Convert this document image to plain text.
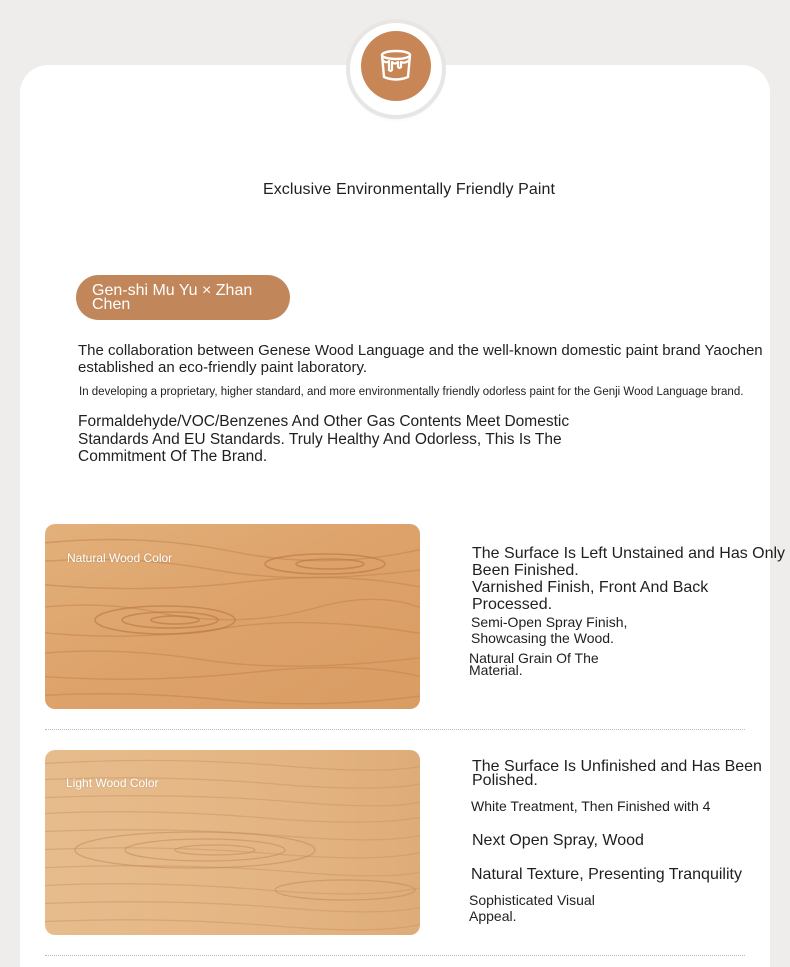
Exclusive Environmentally Friendly Paint
Gen-shi Mu Yu × Zhan
Chen
The collaboration between Genese Wood Language and the well-known domestic paint brand Yaochen
established an eco-friendly paint laboratory.
In developing a proprietary, higher standard, and more environmentally friendly odorless paint for the Genji Wood Language brand.
Formaldehyde/VOC/Benzenes And Other Gas Contents Meet Domestic
Standards And EU Standards. Truly Healthy And Odorless, This Is The
Commitment Of The Brand.
Natural Wood Color	The Surface Is Left Unstained and Has Only
Been Finished.
Varnished Finish, Front And Back
Processed.
Semi-Open Spray Finish,
Showcasing the Wood.
Natural Grain Of The
Material.
Light Wood Color
The Surface Is Unfinished and Has Been
Polished.
White Treatment, Then Finished with 4
Next Open Spray, Wood
Natural Texture, Presenting Tranquility
Sophisticated Visual
Appeal.
